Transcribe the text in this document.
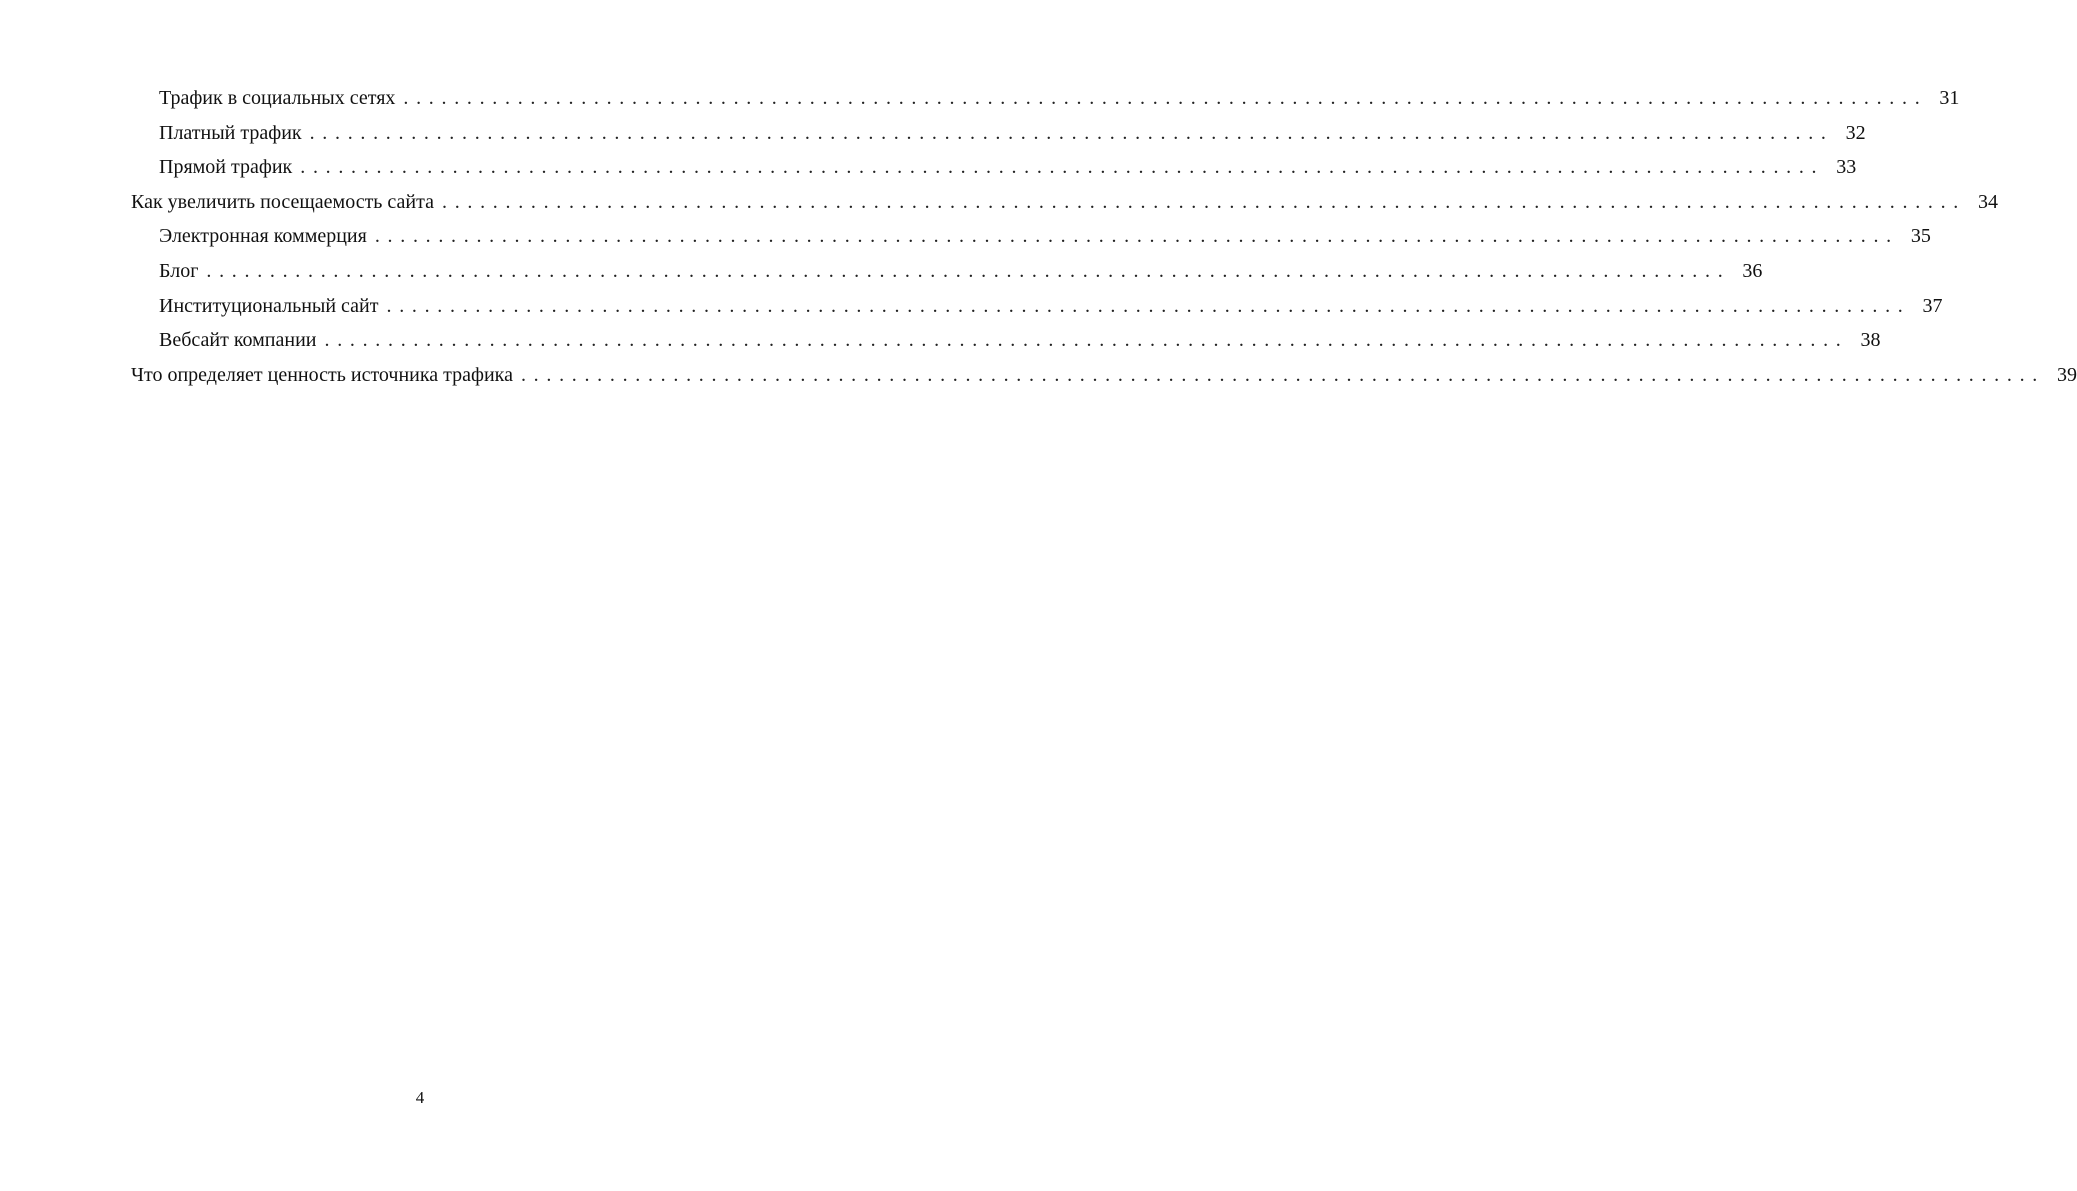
Трафик в социальных сетях ........................................................................................................................ 31
Платный трафик ........................................................................................................................ 32
Прямой трафик ........................................................................................................................ 33
Как увеличить посещаемость сайта ........................................................................................................................ 34
Электронная коммерция ........................................................................................................................ 35
Блог ........................................................................................................................ 36
Институциональный сайт ........................................................................................................................ 37
Вебсайт компании ........................................................................................................................ 38
Что определяет ценность источника трафика ........................................................................................................................ 39
4
